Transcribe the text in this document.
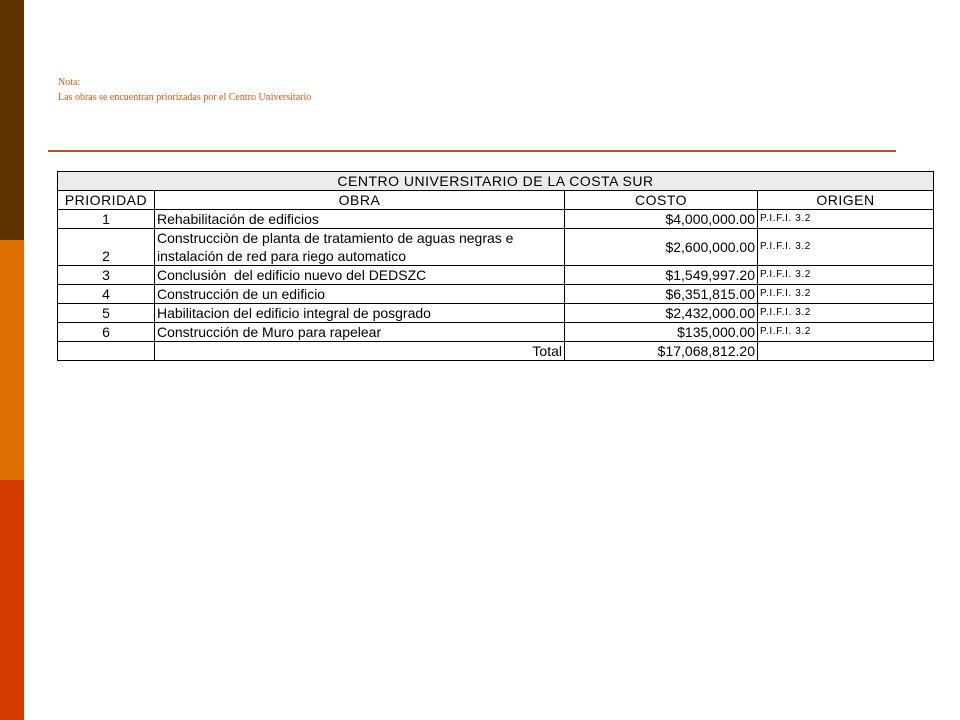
Nota:
Las obras se encuentran priorizadas por el Centro Universitario
CENTRO UNIVERSITARIO DE LA COSTA SUR			
PRIORIDAD	OBRA	COSTO	ORIGEN
1	Rehabilitación de edificios	$4,000,000.00	P.I.F.I. 3.2
2	Construcciòn de planta de tratamiento de aguas negras e instalación de red para riego automatico	$2,600,000.00	P.I.F.I. 3.2
3	Conclusión  del edificio nuevo del DEDSZC	$1,549,997.20	P.I.F.I. 3.2
4	Construcción de un edificio	$6,351,815.00	P.I.F.I. 3.2
5	Habilitacion del edificio integral de posgrado	$2,432,000.00	P.I.F.I. 3.2
6	Construcción de Muro para rapelear	$135,000.00	P.I.F.I. 3.2
	Total	$17,068,812.20	
